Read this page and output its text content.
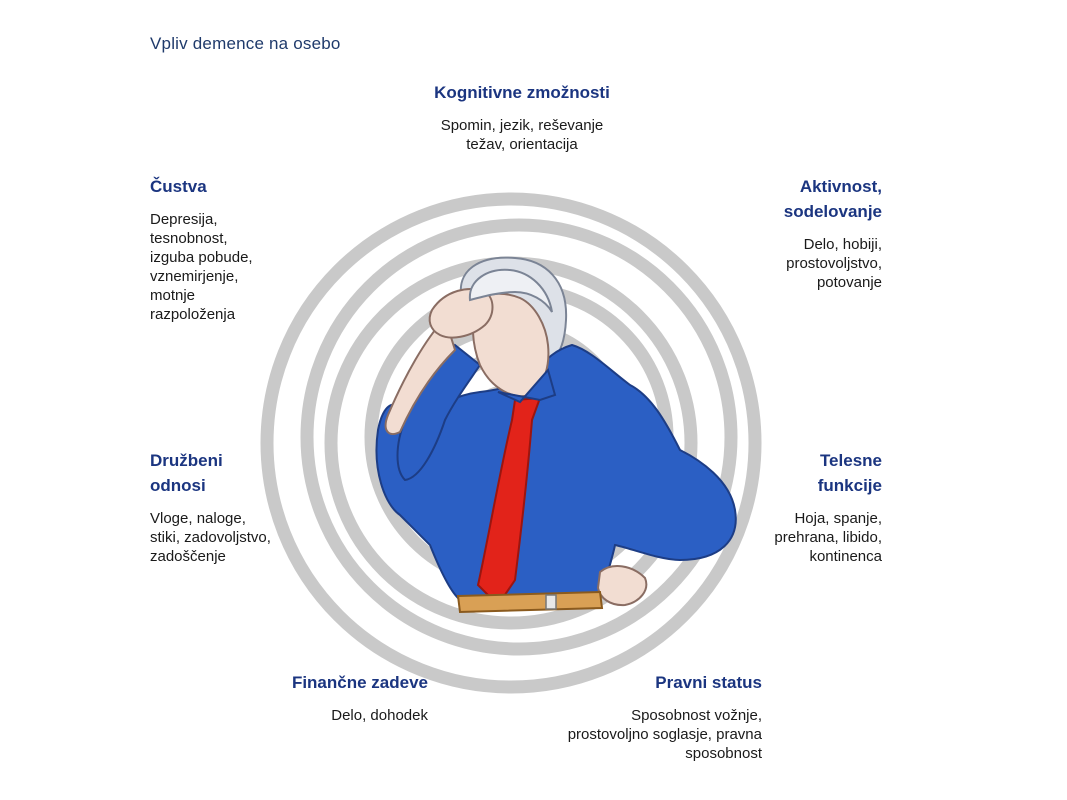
Vpliv demence na osebo
Kognitivne zmožnosti
Spomin, jezik, reševanje
težav, orientacija
Čustva
Depresija,
tesnobnost,
izguba pobude,
vznemirjenje,
motnje
razpoloženja
Aktivnost,
sodelovanje
Delo, hobiji,
prostovoljstvo,
potovanje
Družbeni
odnosi
Vloge, naloge,
stiki, zadovoljstvo,
zadoščenje
Telesne
funkcije
Hoja, spanje,
prehrana, libido,
kontinenca
Finančne zadeve
Delo, dohodek
Pravni status
Sposobnost vožnje,
prostovoljno soglasje, pravna
sposobnost
